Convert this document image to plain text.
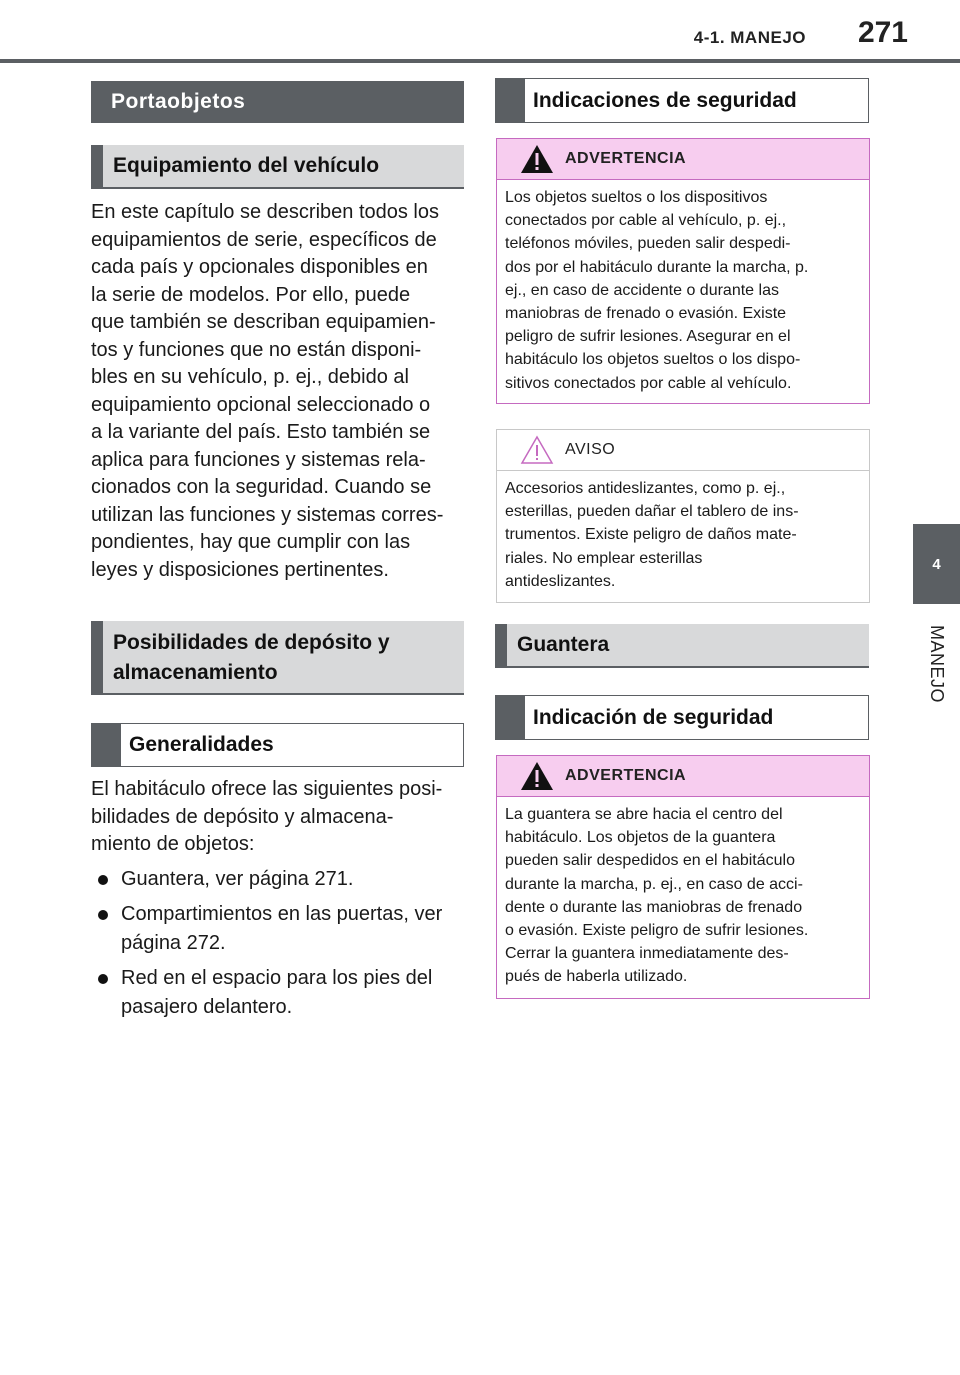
4-1. MANEJO	271
4
MANEJO
Portaobjetos
Equipamiento del vehículo

En este capítulo se describen todos los

equipamientos de serie, específicos de

cada país y opcionales disponibles en

la serie de modelos. Por ello, puede

que también se describan equipamien-

tos y funciones que no están disponi-

bles en su vehículo, p. ej., debido al

equipamiento opcional seleccionado o

a la variante del país. Esto también se

aplica para funciones y sistemas rela-

cionados con la seguridad. Cuando se

utilizan las funciones y sistemas corres-

pondientes, hay que cumplir con las

leyes y disposiciones pertinentes.

Posibilidades de depósito y
almacenamiento
Generalidades

El habitáculo ofrece las siguientes posi-

bilidades de depósito y almacena-

miento de objetos:

Guantera, ver página 271.
Compartimientos en las puertas, ver
página 272.
Red en el espacio para los pies del
pasajero delantero.
Indicaciones de seguridad
ADVERTENCIA
Los objetos sueltos o los dispositivos
conectados por cable al vehículo, p. ej.,
teléfonos móviles, pueden salir despedi-
dos por el habitáculo durante la marcha, p.
ej., en caso de accidente o durante las
maniobras de frenado o evasión. Existe
peligro de sufrir lesiones. Asegurar en el
habitáculo los objetos sueltos o los dispo-
sitivos conectados por cable al vehículo.
AVISO
Accesorios antideslizantes, como p. ej.,
esterillas, pueden dañar el tablero de ins-
trumentos. Existe peligro de daños mate-
riales. No emplear esterillas
antideslizantes.
Guantera
Indicación de seguridad
ADVERTENCIA
La guantera se abre hacia el centro del
habitáculo. Los objetos de la guantera
pueden salir despedidos en el habitáculo
durante la marcha, p. ej., en caso de acci-
dente o durante las maniobras de frenado
o evasión. Existe peligro de sufrir lesiones.
Cerrar la guantera inmediatamente des-
pués de haberla utilizado.
